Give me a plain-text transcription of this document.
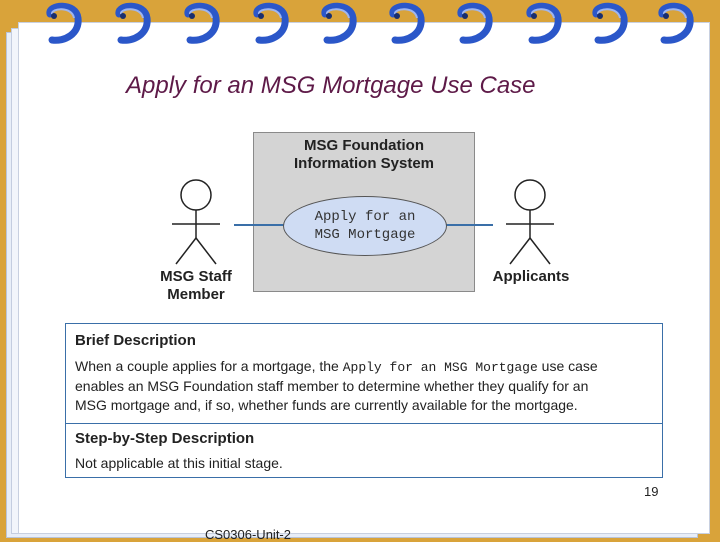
Apply for an MSG Mortgage Use Case
MSG Foundation
Information System
Apply for an
MSG Mortgage
MSG Staff
Member
Applicants
Brief Description
When a couple applies for a mortgage, the Apply for an MSG Mortgage use case
enables an MSG Foundation staff member to determine whether they qualify for an
MSG mortgage and, if so, whether funds are currently available for the mortgage.
Step-by-Step Description
Not applicable at this initial stage.
19
CS0306-Unit-2
